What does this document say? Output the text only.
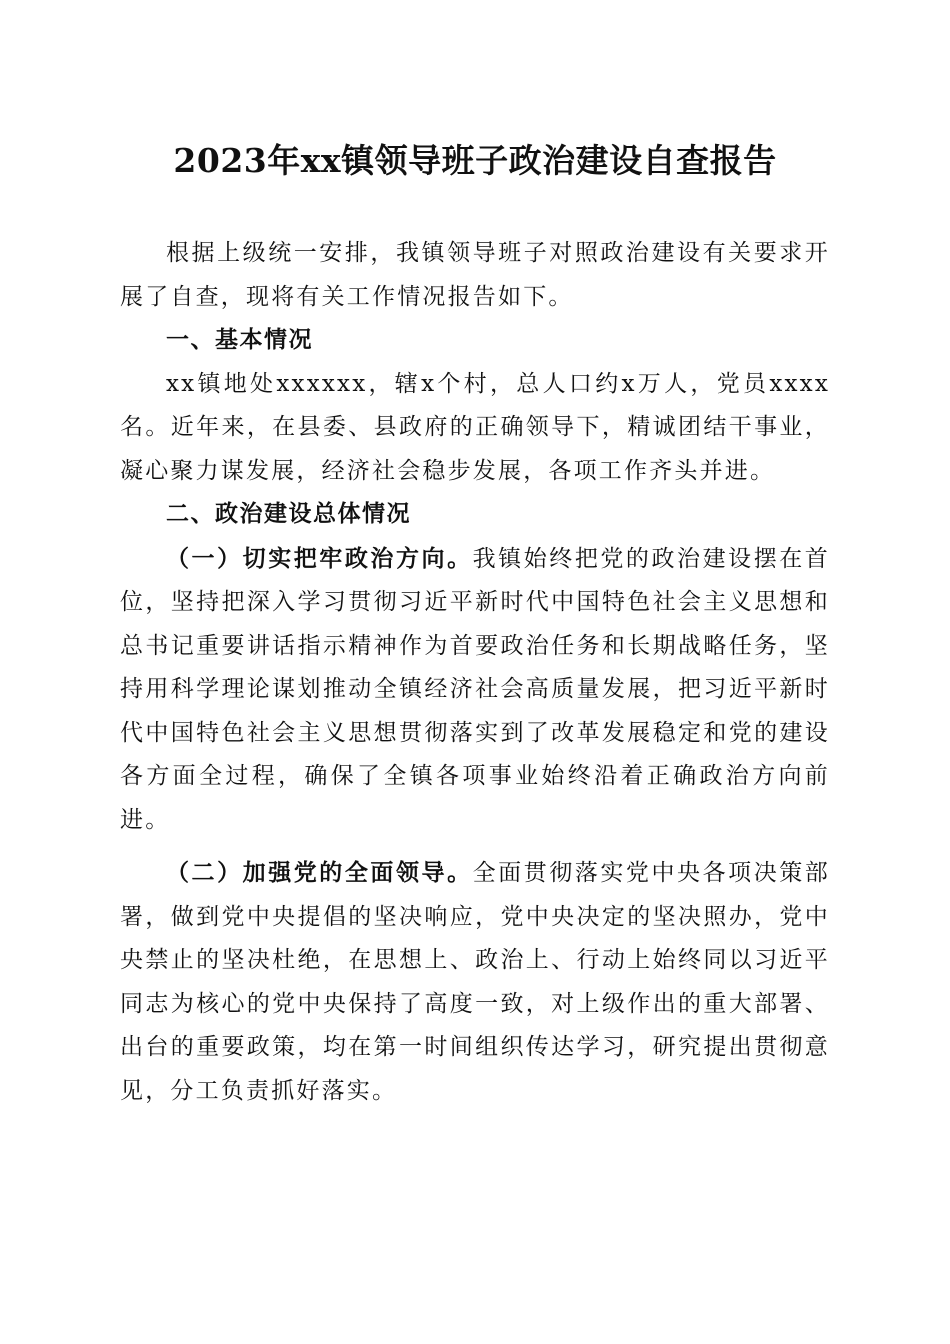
2023年xx镇领导班子政治建设自查报告

根据上级统一安排，我镇领导班子对照政治建设有关要求开展了自查，现将有关工作情况报告如下。

一、基本情况

xx镇地处xxxxxx，辖x个村，总人口约x万人，党员xxxx名。近年来，在县委、县政府的正确领导下，精诚团结干事业，凝心聚力谋发展，经济社会稳步发展，各项工作齐头并进。

二、政治建设总体情况

（一）切实把牢政治方向。我镇始终把党的政治建设摆在首位，坚持把深入学习贯彻习近平新时代中国特色社会主义思想和总书记重要讲话指示精神作为首要政治任务和长期战略任务，坚持用科学理论谋划推动全镇经济社会高质量发展，把习近平新时代中国特色社会主义思想贯彻落实到了改革发展稳定和党的建设各方面全过程，确保了全镇各项事业始终沿着正确政治方向前进。

（二）加强党的全面领导。全面贯彻落实党中央各项决策部署，做到党中央提倡的坚决响应，党中央决定的坚决照办，党中央禁止的坚决杜绝，在思想上、政治上、行动上始终同以习近平同志为核心的党中央保持了高度一致，对上级作出的重大部署、出台的重要政策，均在第一时间组织传达学习，研究提出贯彻意见，分工负责抓好落实。
